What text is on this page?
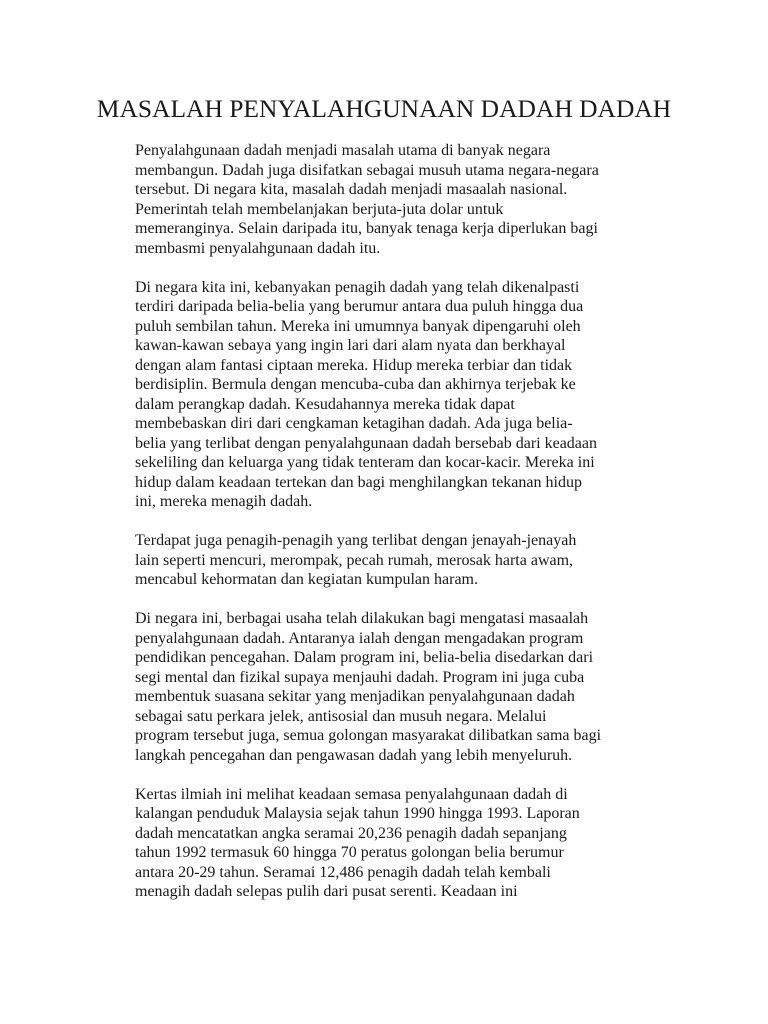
MASALAH PENYALAHGUNAAN DADAH DADAH

Penyalahgunaan dadah menjadi masalah utama di banyak negara
membangun. Dadah juga disifatkan sebagai musuh utama negara-negara
tersebut. Di negara kita, masalah dadah menjadi masaalah nasional.
Pemerintah telah membelanjakan berjuta-juta dolar untuk
memeranginya. Selain daripada itu, banyak tenaga kerja diperlukan bagi
membasmi penyalahgunaan dadah itu.

Di negara kita ini, kebanyakan penagih dadah yang telah dikenalpasti
terdiri daripada belia-belia yang berumur antara dua puluh hingga dua
puluh sembilan tahun. Mereka ini umumnya banyak dipengaruhi oleh
kawan-kawan sebaya yang ingin lari dari alam nyata dan berkhayal
dengan alam fantasi ciptaan mereka. Hidup mereka terbiar dan tidak
berdisiplin. Bermula dengan mencuba-cuba dan akhirnya terjebak ke
dalam perangkap dadah. Kesudahannya mereka tidak dapat
membebaskan diri dari cengkaman ketagihan dadah. Ada juga belia-
belia yang terlibat dengan penyalahgunaan dadah bersebab dari keadaan
sekeliling dan keluarga yang tidak tenteram dan kocar-kacir. Mereka ini
hidup dalam keadaan tertekan dan bagi menghilangkan tekanan hidup
ini, mereka menagih dadah.

Terdapat juga penagih-penagih yang terlibat dengan jenayah-jenayah
lain seperti mencuri, merompak, pecah rumah, merosak harta awam,
mencabul kehormatan dan kegiatan kumpulan haram.

Di negara ini, berbagai usaha telah dilakukan bagi mengatasi masaalah
penyalahgunaan dadah. Antaranya ialah dengan mengadakan program
pendidikan pencegahan. Dalam program ini, belia-belia disedarkan dari
segi mental dan fizikal supaya menjauhi dadah. Program ini juga cuba
membentuk suasana sekitar yang menjadikan penyalahgunaan dadah
sebagai satu perkara jelek, antisosial dan musuh negara. Melalui
program tersebut juga, semua golongan masyarakat dilibatkan sama bagi
langkah pencegahan dan pengawasan dadah yang lebih menyeluruh.

Kertas ilmiah ini melihat keadaan semasa penyalahgunaan dadah di
kalangan penduduk Malaysia sejak tahun 1990 hingga 1993. Laporan
dadah mencatatkan angka seramai 20,236 penagih dadah sepanjang
tahun 1992 termasuk 60 hingga 70 peratus golongan belia berumur
antara 20-29 tahun. Seramai 12,486 penagih dadah telah kembali
menagih dadah selepas pulih dari pusat serenti. Keadaan ini
